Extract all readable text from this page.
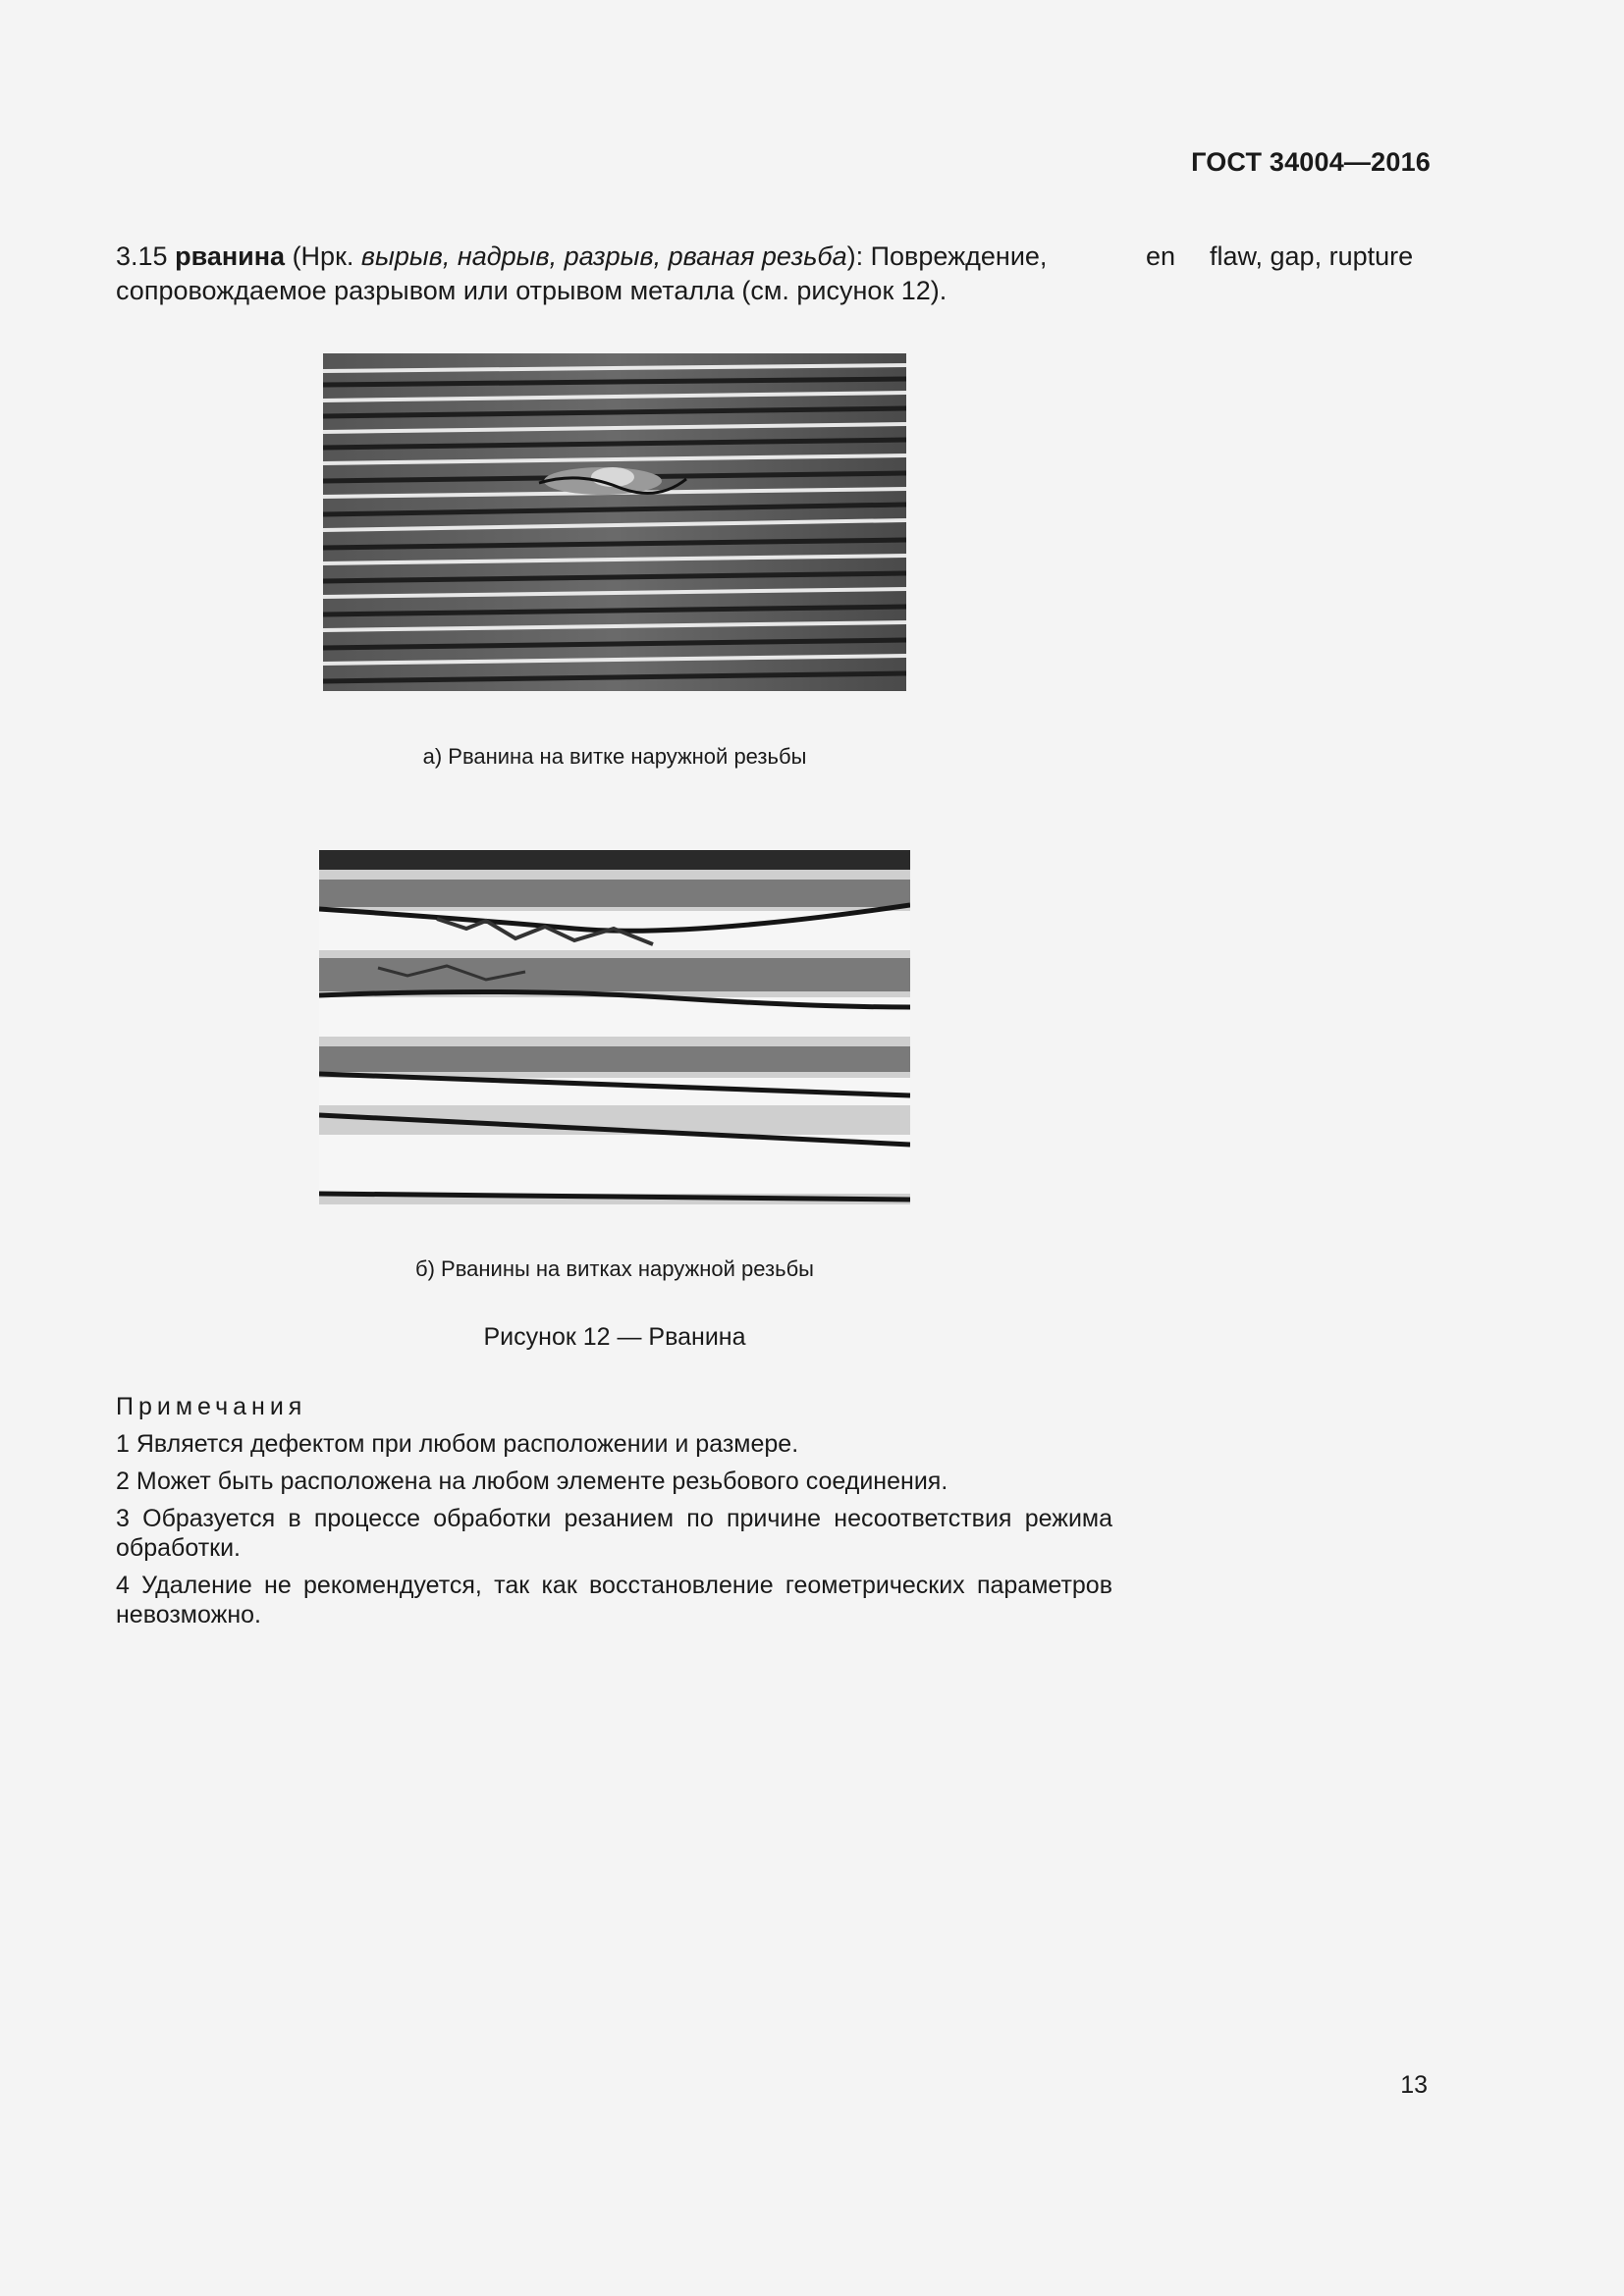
ГОСТ 34004—2016
3.15 рванина (Нрк. вырыв, надрыв, разрыв, рваная резьба): Повреждение, сопровождаемое разрывом или отрывом металла (см. рисунок 12).
en flaw, gap, rupture
а) Рванина на витке наружной резьбы
б) Рванины на витках наружной резьбы
Рисунок 12 — Рванина
Примечания
1 Является дефектом при любом расположении и размере.
2 Может быть расположена на любом элементе резьбового соединения.
3 Образуется в процессе обработки резанием по причине несоответствия режима обработки.
4 Удаление не рекомендуется, так как восстановление геометрических параметров невозможно.
13
